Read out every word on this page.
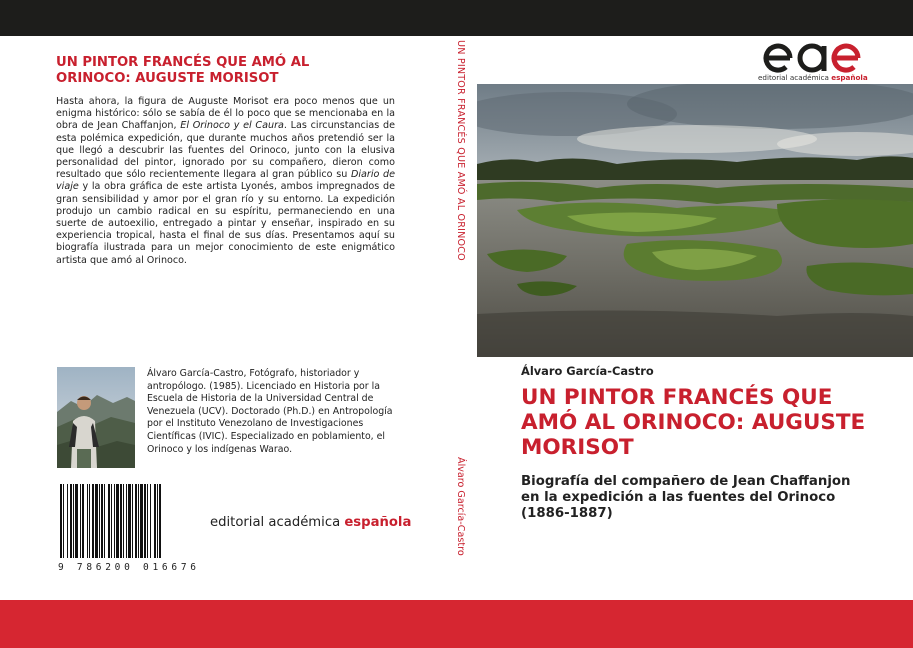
UN PINTOR FRANCÉS QUE AMÓ AL
ORINOCO: AUGUSTE MORISOT
Hasta ahora, la figura de Auguste Morisot era poco menos que un enigma histórico: sólo se sabía de él lo poco que se mencionaba en la obra de Jean Chaffanjon, El Orinoco y el Caura. Las circunstancias de esta polémica expedición, que durante muchos años pretendió ser la que llegó a descubrir las fuentes del Orinoco, junto con la elusiva personalidad del pintor, ignorado por su compañero, dieron como resultado que sólo recientemente llegara al gran público su Diario de viaje y la obra gráfica de este artista Lyonés, ambos impregnados de gran sensibilidad y amor por el gran río y su entorno. La expedición produjo un cambio radical en su espíritu, permaneciendo en una suerte de autoexilio, entregado a pintar y enseñar, inspirado en su experiencia tropical, hasta el final de sus días. Presentamos aquí su biografía ilustrada para un mejor conocimiento de este enigmático artista que amó al Orinoco.
Álvaro García-Castro, Fotógrafo, historiador y antropólogo. (1985). Licenciado en Historia por la Escuela de Historia de la Universidad Central de Venezuela (UCV). Doctorado (Ph.D.) en Antropología por el Instituto Venezolano de Investigaciones Científicas (IVIC). Especializado en poblamiento, el Orinoco y los indígenas Warao.
9 786200 016676
editorial académica española
UN PINTOR FRANCÉS QUE AMÓ AL ORINOCO
Álvaro García-Castro
editorial académica española
Álvaro García-Castro
UN PINTOR FRANCÉS QUE AMÓ AL ORINOCO: AUGUSTE MORISOT
Biografía del compañero de Jean Chaffanjon en la expedición a las fuentes del Orinoco (1886-1887)
